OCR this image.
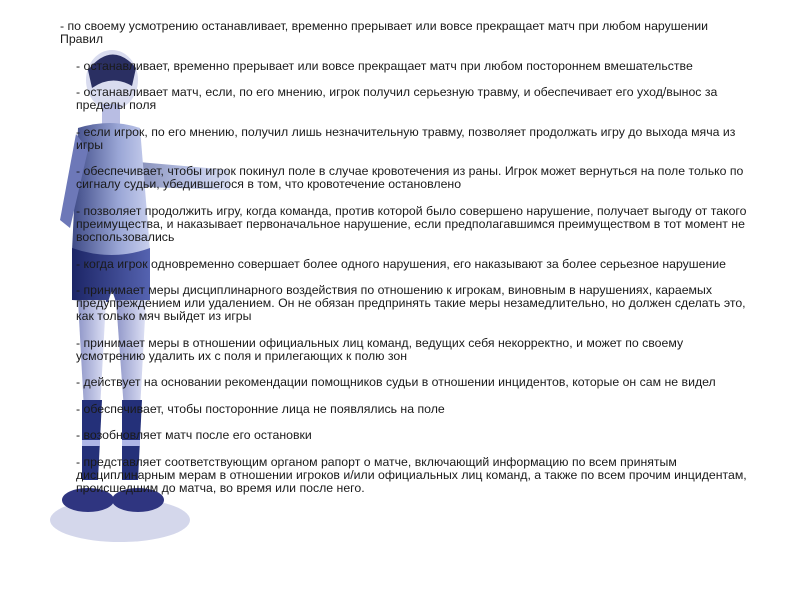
- по своему усмотрению останавливает, временно прерывает или вовсе прекращает матч при любом нарушении Правил

- останавливает, временно прерывает или вовсе прекращает матч при любом постороннем вмешательстве

- останавливает матч, если, по его мнению, игрок получил серьезную травму, и обеспечивает его уход/вынос за пределы поля

- если игрок, по его мнению, получил лишь незначительную травму, позволяет продолжать игру до выхода мяча из игры

- обеспечивает, чтобы игрок покинул поле в случае кровотечения из раны. Игрок может вернуться на поле только по сигналу судьи, убедившегося в том, что кровотечение остановлено

- позволяет продолжить игру, когда команда, против которой было совершено нарушение, получает выгоду от такого преимущества, и наказывает первоначальное нарушение, если предполагавшимся преимуществом в тот момент не воспользовались

- когда игрок одновременно совершает более одного нарушения, его наказывают за более серьезное нарушение

- принимает меры дисциплинарного воздействия по отношению к игрокам, виновным в нарушениях, караемых предупреждением или удалением. Он не обязан предпринять такие меры незамедлительно, но должен сделать это, как только мяч выйдет из игры

- принимает меры в отношении официальных лиц команд, ведущих себя некорректно, и может по своему усмотрению удалить их с поля и прилегающих к полю зон

- действует на основании рекомендации помощников судьи в отношении инцидентов, которые он сам не видел

- обеспечивает, чтобы посторонние лица не появлялись на поле

- возобновляет матч после его остановки

- представляет соответствующим органом рапорт о матче, включающий информацию по всем принятым дисциплинарным мерам в отношении игроков и/или официальных лиц команд, а также по всем прочим инцидентам, происшедшим до матча, во время или после него.
